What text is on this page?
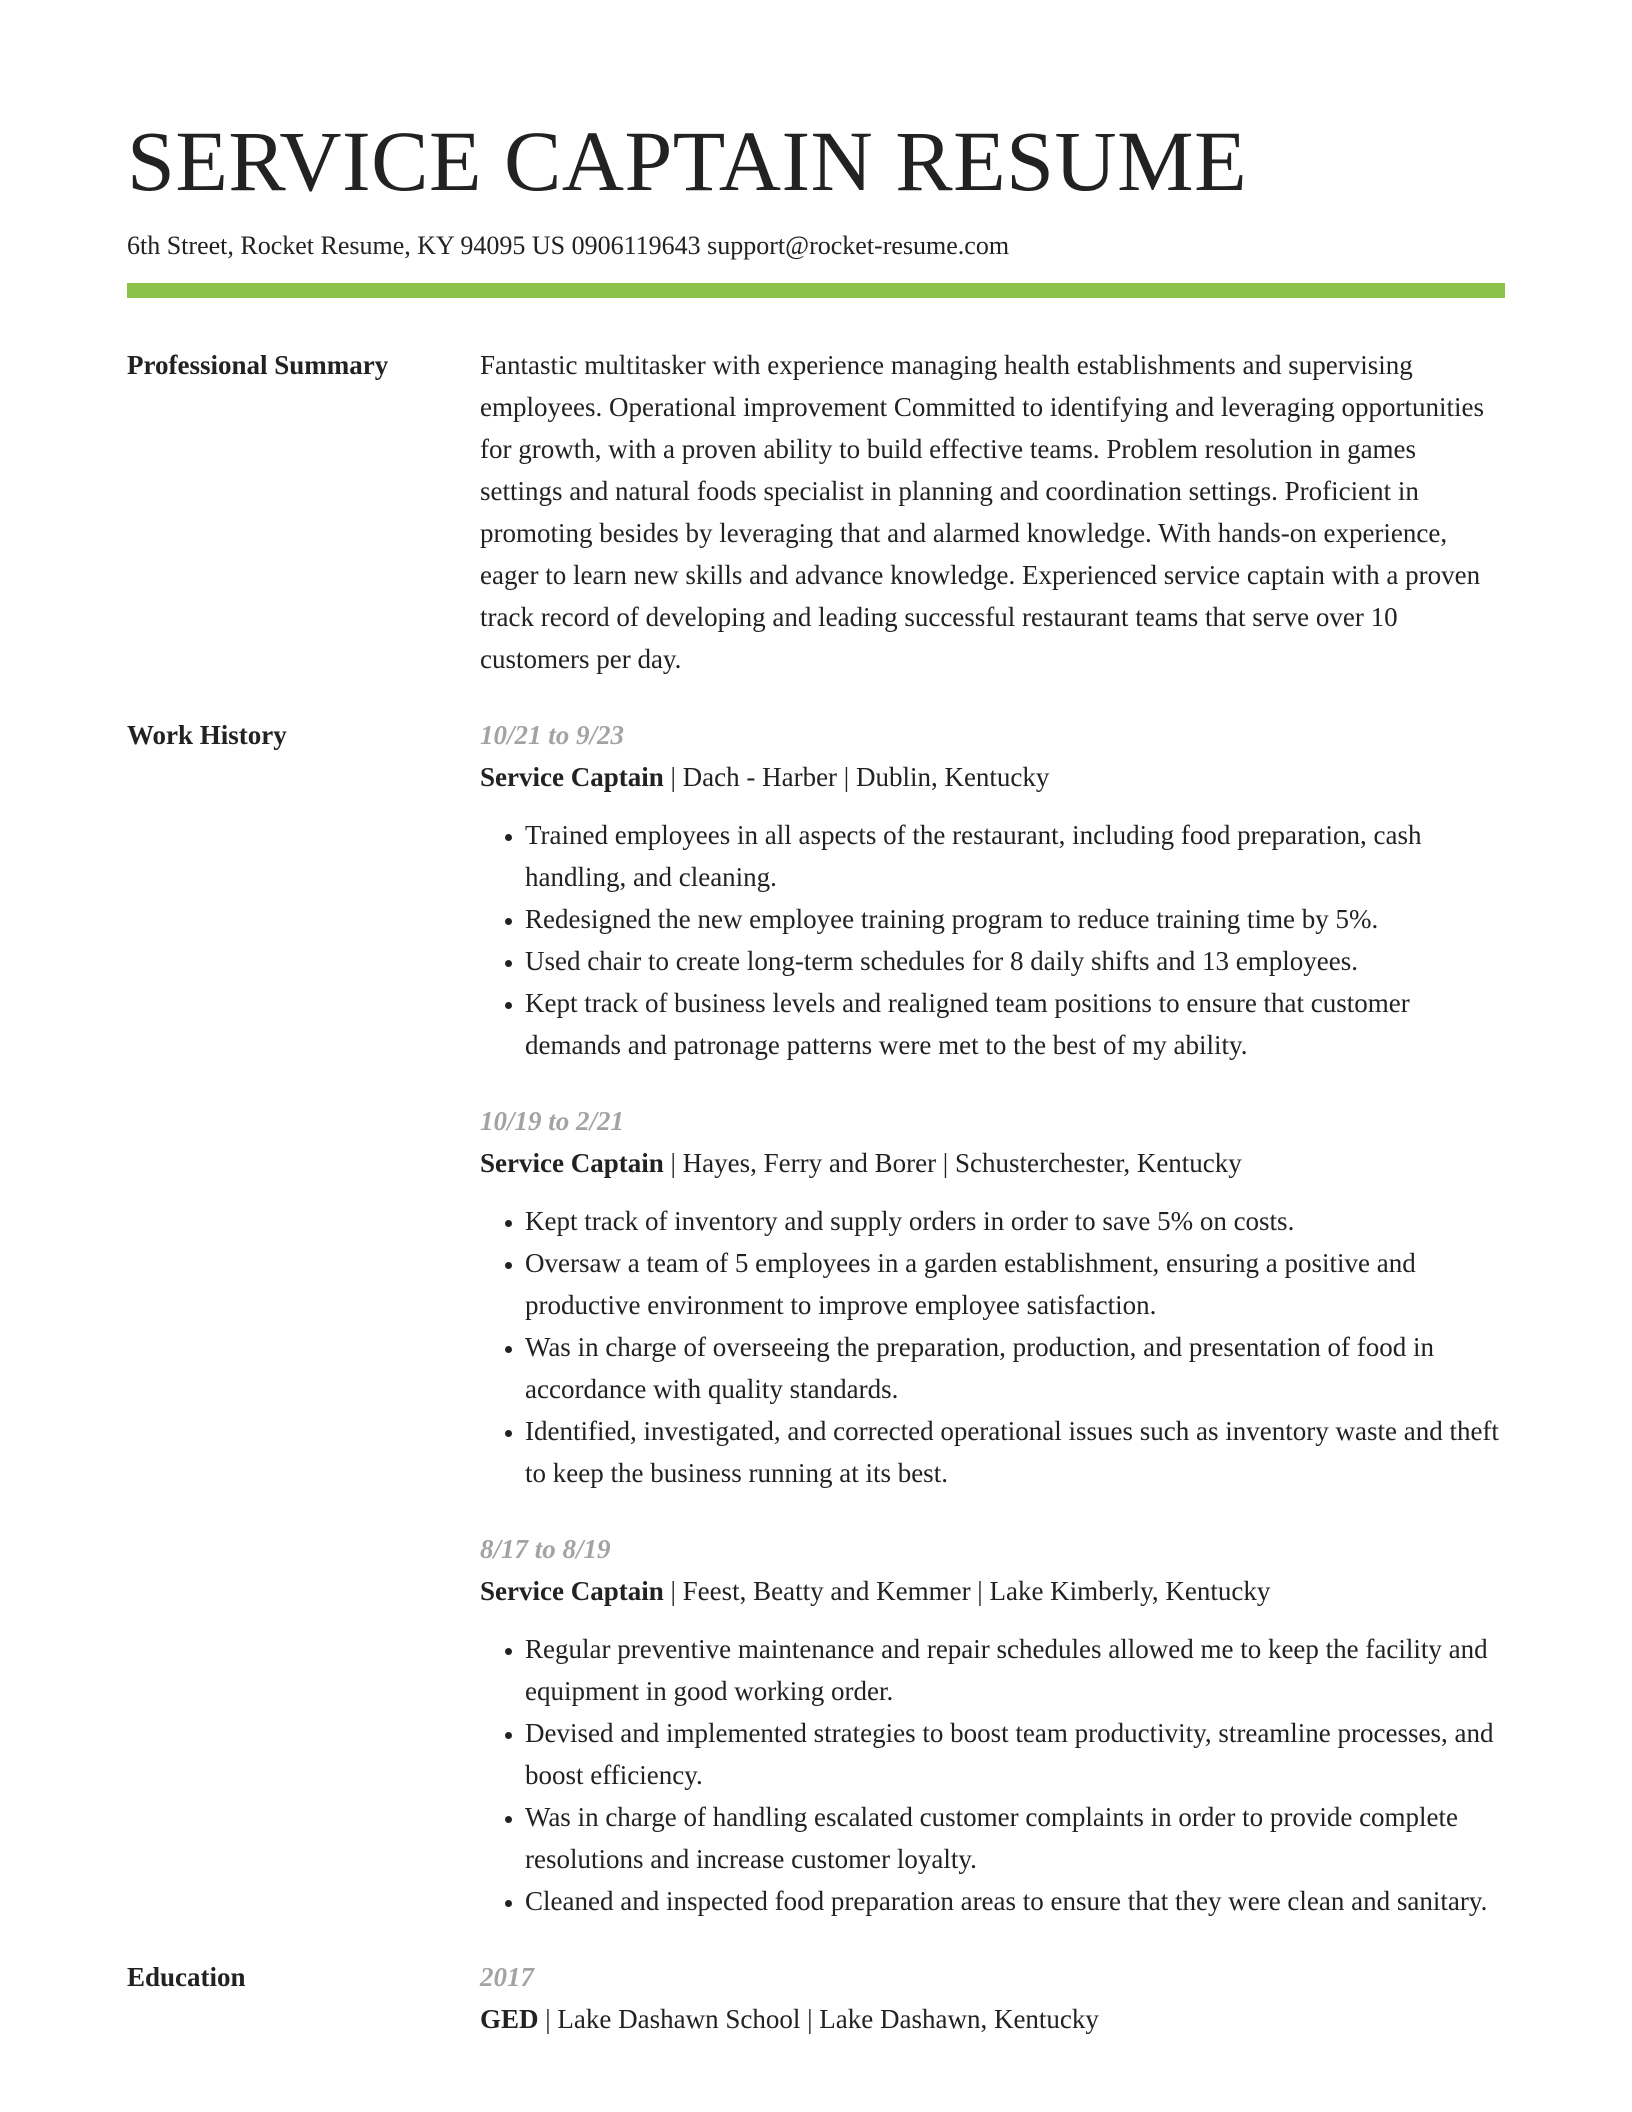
SERVICE CAPTAIN RESUME
6th Street, Rocket Resume, KY 94095 US 0906119643 support@rocket-resume.com
Professional Summary	Fantastic multitasker with experience managing health establishments and supervising employees. Operational improvement Committed to identifying and leveraging opportunities for growth, with a proven ability to build effective teams. Problem resolution in games settings and natural foods specialist in planning and coordination settings. Proficient in promoting besides by leveraging that and alarmed knowledge. With hands-on experience, eager to learn new skills and advance knowledge. Experienced service captain with a proven track record of developing and leading successful restaurant teams that serve over 10 customers per day.

Work History	10/21 to 9/23
Service Captain | Dach - Harber | Dublin, Kentucky
• Trained employees in all aspects of the restaurant, including food preparation, cash handling, and cleaning.
• Redesigned the new employee training program to reduce training time by 5%.
• Used chair to create long-term schedules for 8 daily shifts and 13 employees.
• Kept track of business levels and realigned team positions to ensure that customer demands and patronage patterns were met to the best of my ability.
10/19 to 2/21
Service Captain | Hayes, Ferry and Borer | Schusterchester, Kentucky
• Kept track of inventory and supply orders in order to save 5% on costs.
• Oversaw a team of 5 employees in a garden establishment, ensuring a positive and productive environment to improve employee satisfaction.
• Was in charge of overseeing the preparation, production, and presentation of food in accordance with quality standards.
• Identified, investigated, and corrected operational issues such as inventory waste and theft to keep the business running at its best.
8/17 to 8/19
Service Captain | Feest, Beatty and Kemmer | Lake Kimberly, Kentucky
• Regular preventive maintenance and repair schedules allowed me to keep the facility and equipment in good working order.
• Devised and implemented strategies to boost team productivity, streamline processes, and boost efficiency.
• Was in charge of handling escalated customer complaints in order to provide complete resolutions and increase customer loyalty.
• Cleaned and inspected food preparation areas to ensure that they were clean and sanitary.
Education	2017
GED | Lake Dashawn School | Lake Dashawn, Kentucky
